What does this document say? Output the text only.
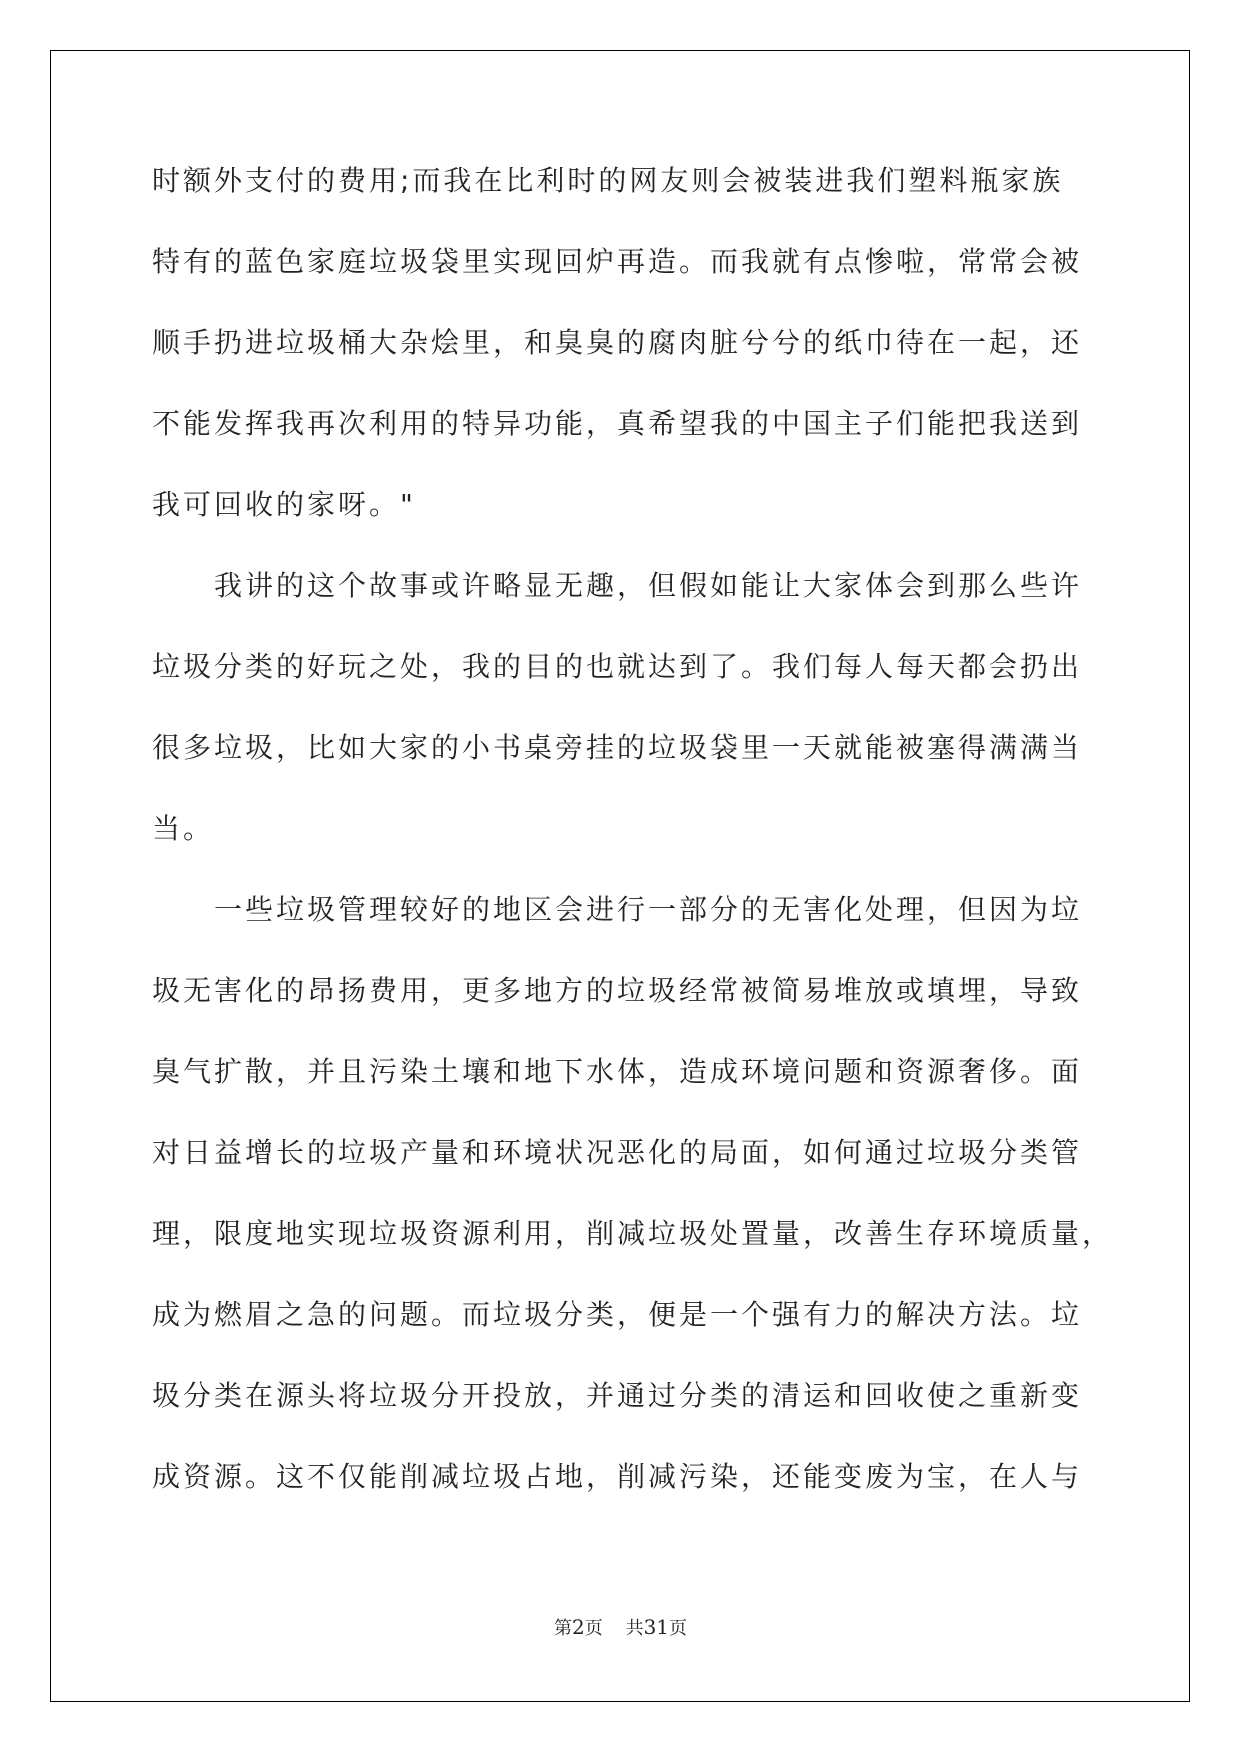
时额外支付的费用;而我在比利时的网友则会被装进我们塑料瓶家族
特有的蓝色家庭垃圾袋里实现回炉再造。而我就有点惨啦，常常会被
顺手扔进垃圾桶大杂烩里，和臭臭的腐肉脏兮兮的纸巾待在一起，还
不能发挥我再次利用的特异功能，真希望我的中国主子们能把我送到
我可回收的家呀。"
我讲的这个故事或许略显无趣，但假如能让大家体会到那么些许
垃圾分类的好玩之处，我的目的也就达到了。我们每人每天都会扔出
很多垃圾，比如大家的小书桌旁挂的垃圾袋里一天就能被塞得满满当
当。
一些垃圾管理较好的地区会进行一部分的无害化处理，但因为垃
圾无害化的昂扬费用，更多地方的垃圾经常被简易堆放或填埋，导致
臭气扩散，并且污染土壤和地下水体，造成环境问题和资源奢侈。面
对日益增长的垃圾产量和环境状况恶化的局面，如何通过垃圾分类管
理，限度地实现垃圾资源利用，削减垃圾处置量，改善生存环境质量，
成为燃眉之急的问题。而垃圾分类，便是一个强有力的解决方法。垃
圾分类在源头将垃圾分开投放，并通过分类的清运和回收使之重新变
成资源。这不仅能削减垃圾占地，削减污染，还能变废为宝，在人与
第2页 共31页
